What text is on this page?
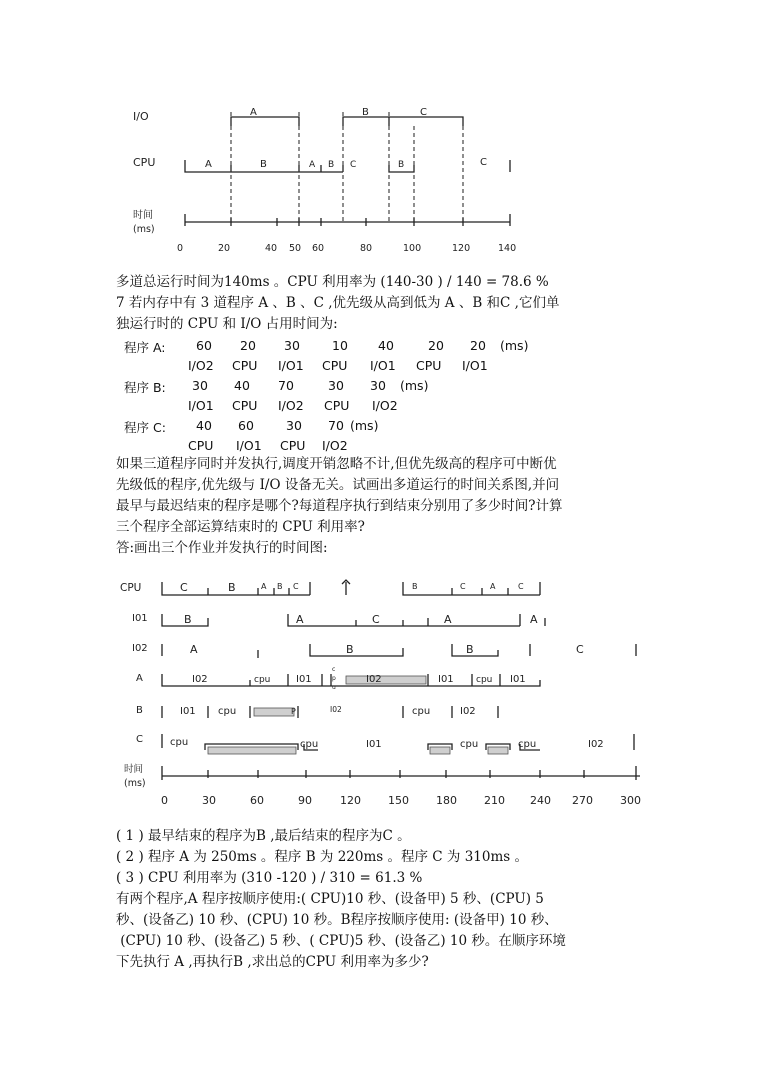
I/O
CPU
时间
(ms)
A	B	C
A	B	A B C	B	C
0	20	40 50 60	80	100	120	140
多道总运行时间为140ms 。CPU 利用率为 (140-30 ) / 140 = 78.6 %
7 若内存中有 3 道程序 A 、B 、C ,优先级从高到低为 A 、B 和C ,它们单
独运行时的 CPU 和 I/O 占用时间为:
程序 A: 60 20 30	10 40	20 20 (ms)
I/O2 CPU I/O1 CPU I/O1 CPU I/O1
程序 B: 30 40 70	30 30 (ms)
I/O1 CPU I/O2 CPU I/O2
程序 C: 40 60	30 70 (ms)
CPU I/O1 CPU I/O2
如果三道程序同时并发执行,调度开销忽略不计,但优先级高的程序可中断优
先级低的程序,优先级与 I/O 设备无关。试画出多道运行的时间关系图,并问
最早与最迟结束的程序是哪个?每道程序执行到结束分别用了多少时间?计算
三个程序全部运算结束时的 CPU 利用率?
答:画出三个作业并发执行的时间图:
CPU
I01
I02
A
B
C
时间
(ms)
C	B	A B C	B	C	A	C
B	A	C	A	A
A	B	B	C
I02	cpu	I01
c
p
u
I02	I01 cpu I01
I01 cpu	P	I02	cpu	I02
cpu	cpu	I01	cpu	cpu	I02
0	30	60	90	120 150 180 210 240 270 300
( 1 ) 最早结束的程序为B ,最后结束的程序为C 。
( 2 ) 程序 A 为 250ms 。程序 B 为 220ms 。程序 C 为 310ms 。
( 3 ) CPU 利用率为 (310 -120 ) / 310 = 61.3 %
有两个程序,A 程序按顺序使用:( CPU)10 秒、(设备甲) 5 秒、(CPU) 5
秒、(设备乙) 10 秒、(CPU) 10 秒。B程序按顺序使用: (设备甲) 10 秒、
(CPU) 10 秒、(设备乙) 5 秒、( CPU)5 秒、(设备乙) 10 秒。在顺序环境
下先执行 A ,再执行B ,求出总的CPU 利用率为多少?
